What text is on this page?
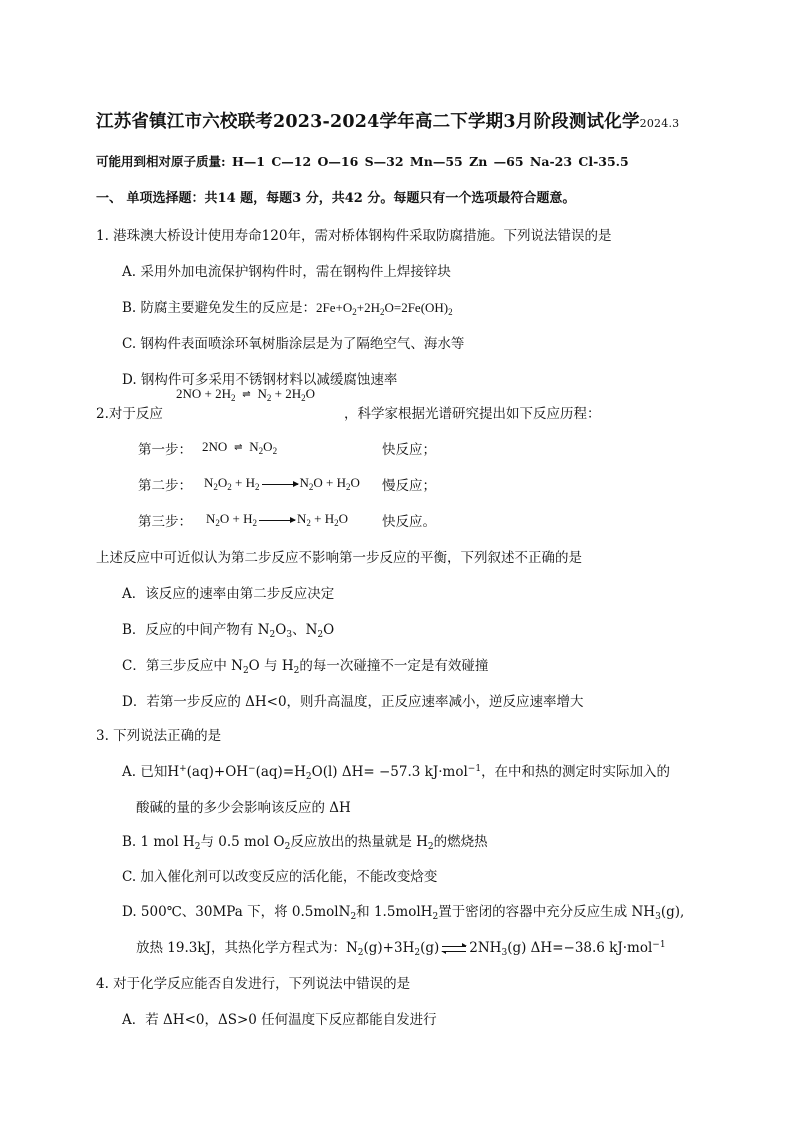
江苏省镇江市六校联考2023-2024学年高二下学期3月阶段测试化学2024.3
可能用到相对原子质量: H—1 C—12 O—16 S—32 Mn—55 Zn —65 Na-23 Cl-35.5
一、 单项选择题：共14 题，每题3 分，共42 分。每题只有一个选项最符合题意。
1. 港珠澳大桥设计使用寿命120年，需对桥体钢构件采取防腐措施。下列说法错误的是
A. 采用外加电流保护钢构件时，需在钢构件上焊接锌块
B. 防腐主要避免发生的反应是：$2Fe+O_2+2H_2O=2Fe(OH)_2$
C. 钢构件表面喷涂环氧树脂涂层是为了隔绝空气、海水等
D. 钢构件可多采用不锈钢材料以减缓腐蚀速率
2.对于反应
$2NO + 2H_2$ ⇌ $N_2 + 2H_2O$
，科学家根据光谱研究提出如下反应历程：
第一步： 2NO ⇌ $N_2O_2$	快反应；
第二步： $N_2O_2 + H_2 \to N_2O + H_2O$ 慢反应；
第三步： $N_2O + H_2 \to N_2 + H_2O$	快反应。
上述反应中可近似认为第二步反应不影响第一步反应的平衡，下列叙述不正确的是
A．该反应的速率由第二步反应决定
B．反应的中间产物有 $N_2O_3$、$N_2O$
C．第三步反应中 $N_2O$ 与 $H_2$的每一次碰撞不一定是有效碰撞
D．若第一步反应的 ΔH<0，则升高温度，正反应速率减小，逆反应速率增大
3. 下列说法正确的是
A. 已知$H^+(aq)+OH^-(aq)=H_2O(l)$ ΔH= −57.3 kJ·mol$^{-1}$，在中和热的测定时实际加入的
酸碱的量的多少会影响该反应的 ΔH
B. 1 mol $H_2$与 0.5 mol $O_2$反应放出的热量就是 $H_2$的燃烧热
C. 加入催化剂可以改变反应的活化能，不能改变焓变
D. 500℃、30MPa 下，将 0.5molN$_2$和 1.5molH$_2$置于密闭的容器中充分反应生成 $NH_3(g)$,
放热 19.3kJ，其热化学方程式为：$N_2(g)+3H_2(g)$ $2NH_3(g)$ ΔH=−38.6 kJ·mol$^{-1}$
4. 对于化学反应能否自发进行，下列说法中错误的是
A．若 ΔH<0，ΔS>0 任何温度下反应都能自发进行
